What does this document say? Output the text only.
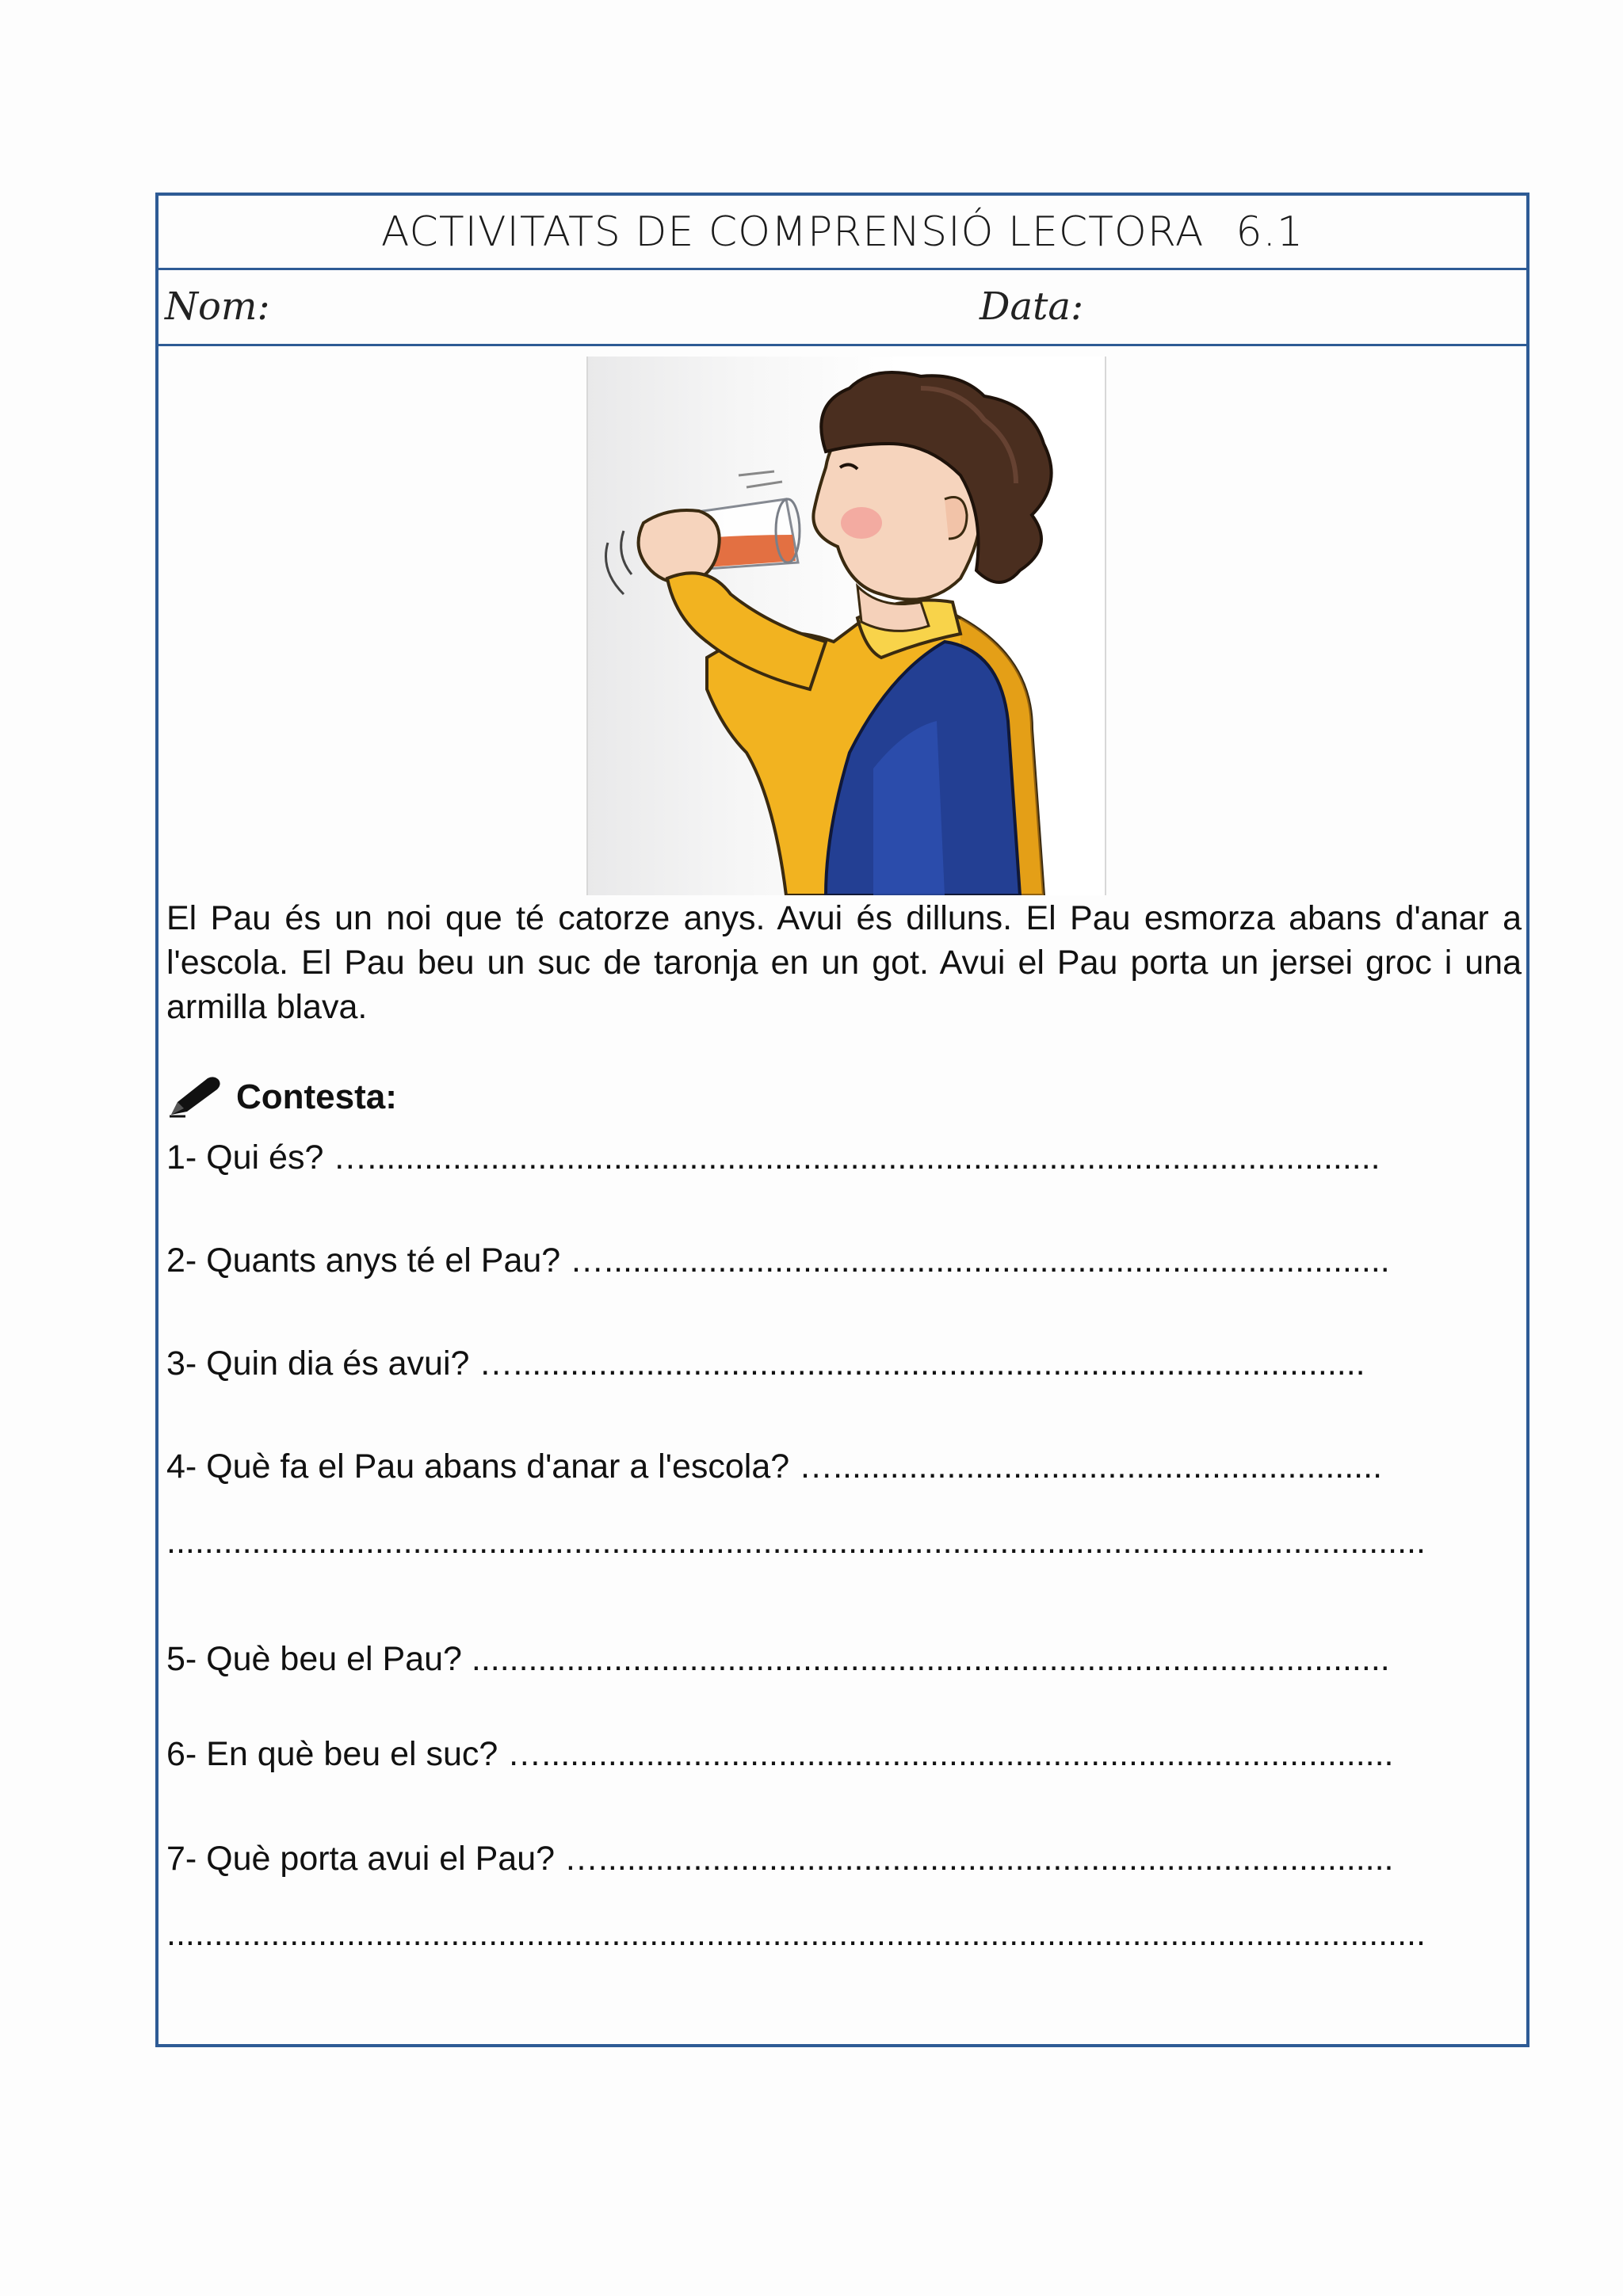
ACTIVITATS DE COMPRENSIÓ LECTORA 6.1
Nom:	Data:
El Pau és un noi que té catorze anys. Avui és dilluns. El Pau esmorza abans d'anar a l'escola. El Pau beu un suc de taronja en un got. Avui el Pau porta un jersei groc i una armilla blava.
Contesta:
1- Qui és? …...........................................................................................................
2- Quants anys té el Pau? …...................................................................................
3- Quin dia és avui? …..........................................................................................
4- Què fa el Pau abans d'anar a l'escola? …..........................................................
.....................................................................................................................................
5- Què beu el Pau? .................................................................................................
6- En què beu el suc? …..........................................................................................
7- Què porta avui el Pau? …....................................................................................
.....................................................................................................................................
